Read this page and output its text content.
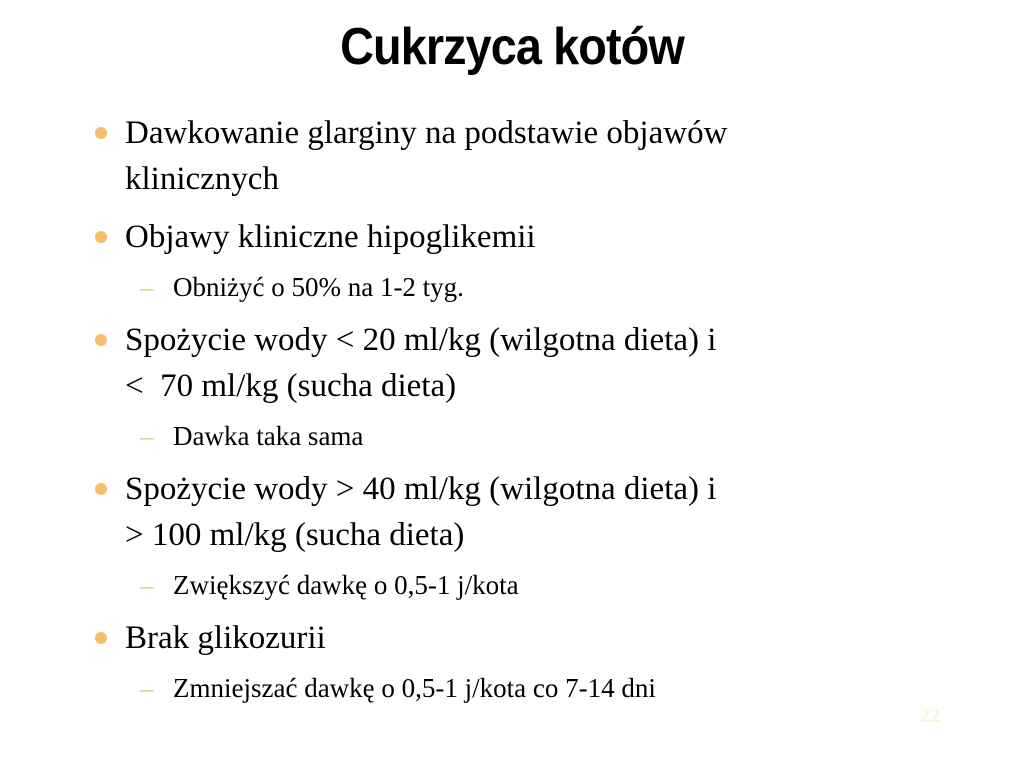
Cukrzyca kotów
Dawkowanie glarginy na podstawie objawów
klinicznych
Objawy kliniczne hipoglikemii
– Obniżyć o 50% na 1-2 tyg.
Spożycie wody < 20 ml/kg (wilgotna dieta) i
<  70 ml/kg (sucha dieta)
– Dawka taka sama
Spożycie wody > 40 ml/kg (wilgotna dieta) i
> 100 ml/kg (sucha dieta)
– Zwiększyć dawkę o 0,5-1 j/kota
Brak glikozurii
– Zmniejszać dawkę o 0,5-1 j/kota co 7-14 dni
22
